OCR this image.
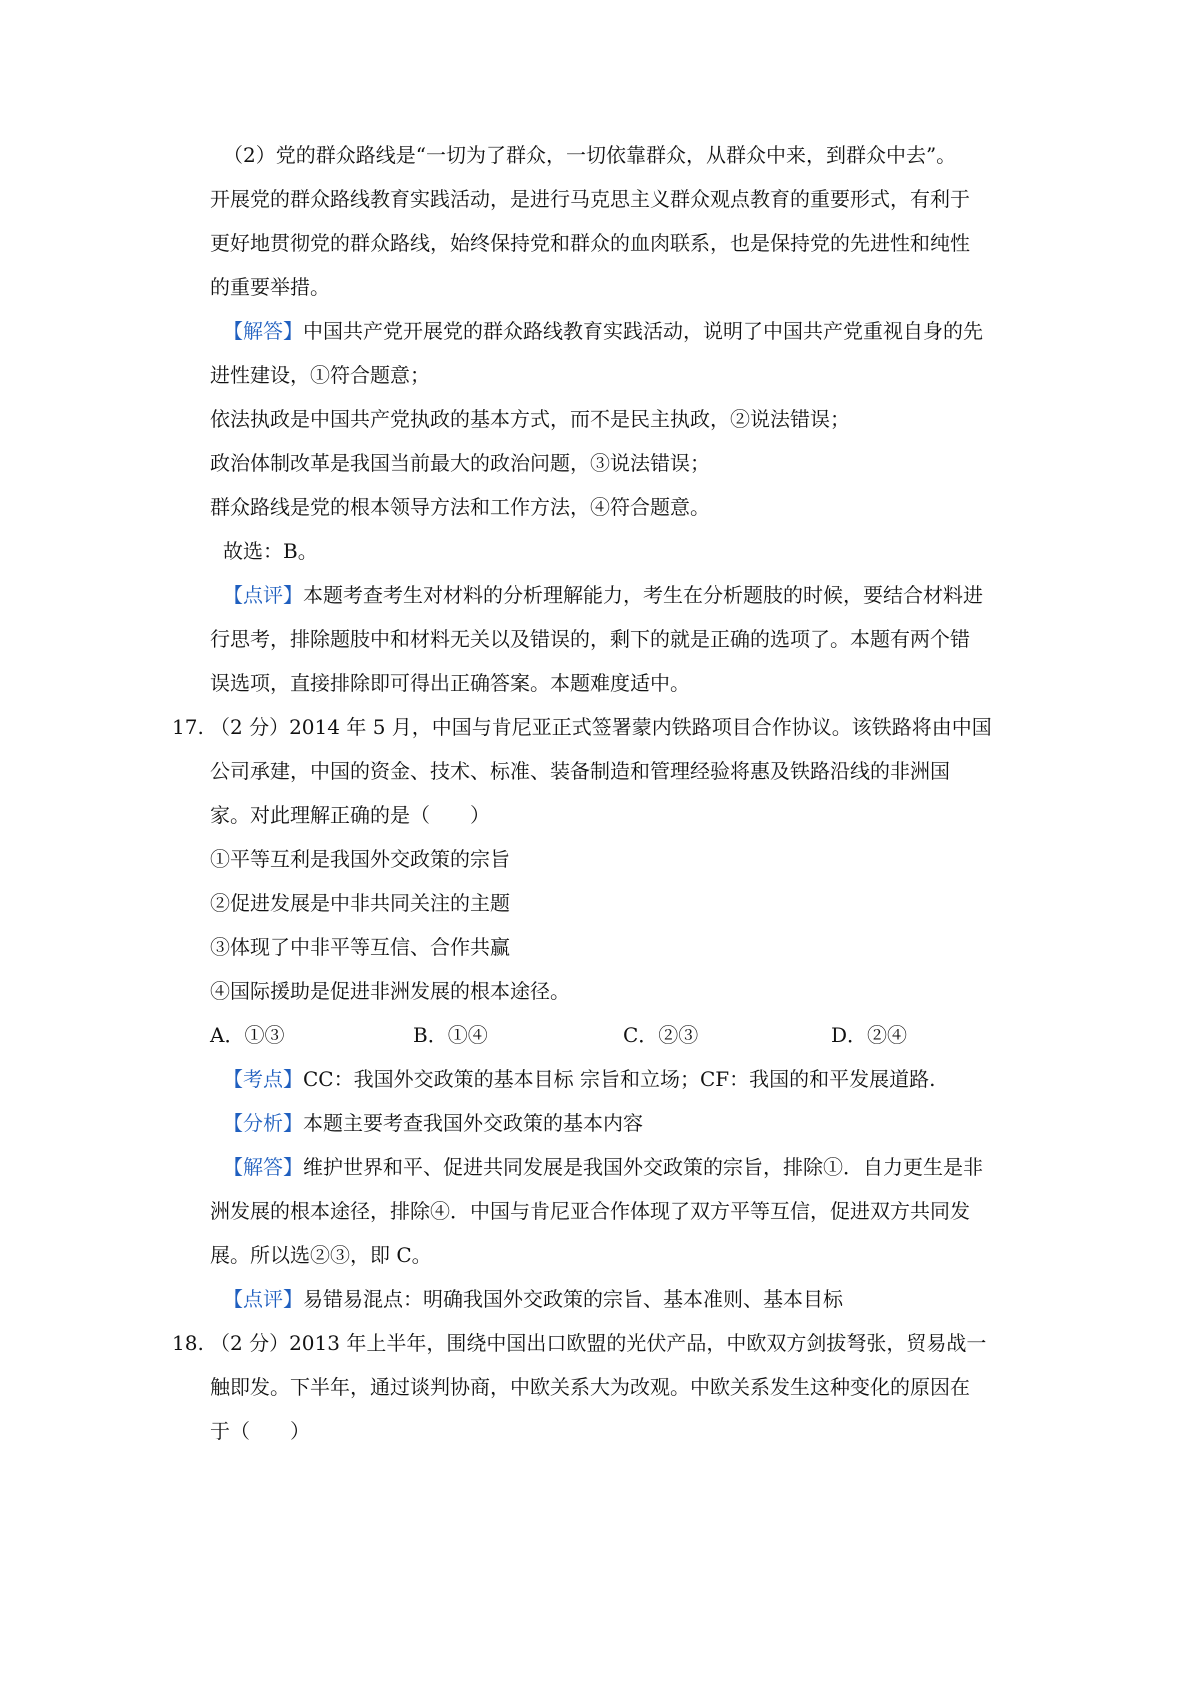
（2）党的群众路线是“一切为了群众，一切依靠群众，从群众中来，到群众中去”。
开展党的群众路线教育实践活动，是进行马克思主义群众观点教育的重要形式，有利于
更好地贯彻党的群众路线，始终保持党和群众的血肉联系，也是保持党的先进性和纯性
的重要举措。
【解答】中国共产党开展党的群众路线教育实践活动，说明了中国共产党重视自身的先
进性建设，①符合题意；
依法执政是中国共产党执政的基本方式，而不是民主执政，②说法错误；
政治体制改革是我国当前最大的政治问题，③说法错误；
群众路线是党的根本领导方法和工作方法，④符合题意。
故选：B。
【点评】本题考查考生对材料的分析理解能力，考生在分析题肢的时候，要结合材料进
行思考，排除题肢中和材料无关以及错误的，剩下的就是正确的选项了。本题有两个错
误选项，直接排除即可得出正确答案。本题难度适中。
17. （2 分）2014 年 5 月，中国与肯尼亚正式签署蒙内铁路项目合作协议。该铁路将由中国
公司承建，中国的资金、技术、标准、装备制造和管理经验将惠及铁路沿线的非洲国
家。对此理解正确的是（　　）
①平等互利是我国外交政策的宗旨
②促进发展是中非共同关注的主题
③体现了中非平等互信、合作共赢
④国际援助是促进非洲发展的根本途径。
A．①③	B．①④	C．②③	D．②④
【考点】CC：我国外交政策的基本目标 宗旨和立场；CF：我国的和平发展道路.
【分析】本题主要考查我国外交政策的基本内容
【解答】维护世界和平、促进共同发展是我国外交政策的宗旨，排除①．自力更生是非
洲发展的根本途径，排除④．中国与肯尼亚合作体现了双方平等互信，促进双方共同发
展。所以选②③，即 C。
【点评】易错易混点：明确我国外交政策的宗旨、基本准则、基本目标
18. （2 分）2013 年上半年，围绕中国出口欧盟的光伏产品，中欧双方剑拔弩张，贸易战一
触即发。下半年，通过谈判协商，中欧关系大为改观。中欧关系发生这种变化的原因在
于（　　）
